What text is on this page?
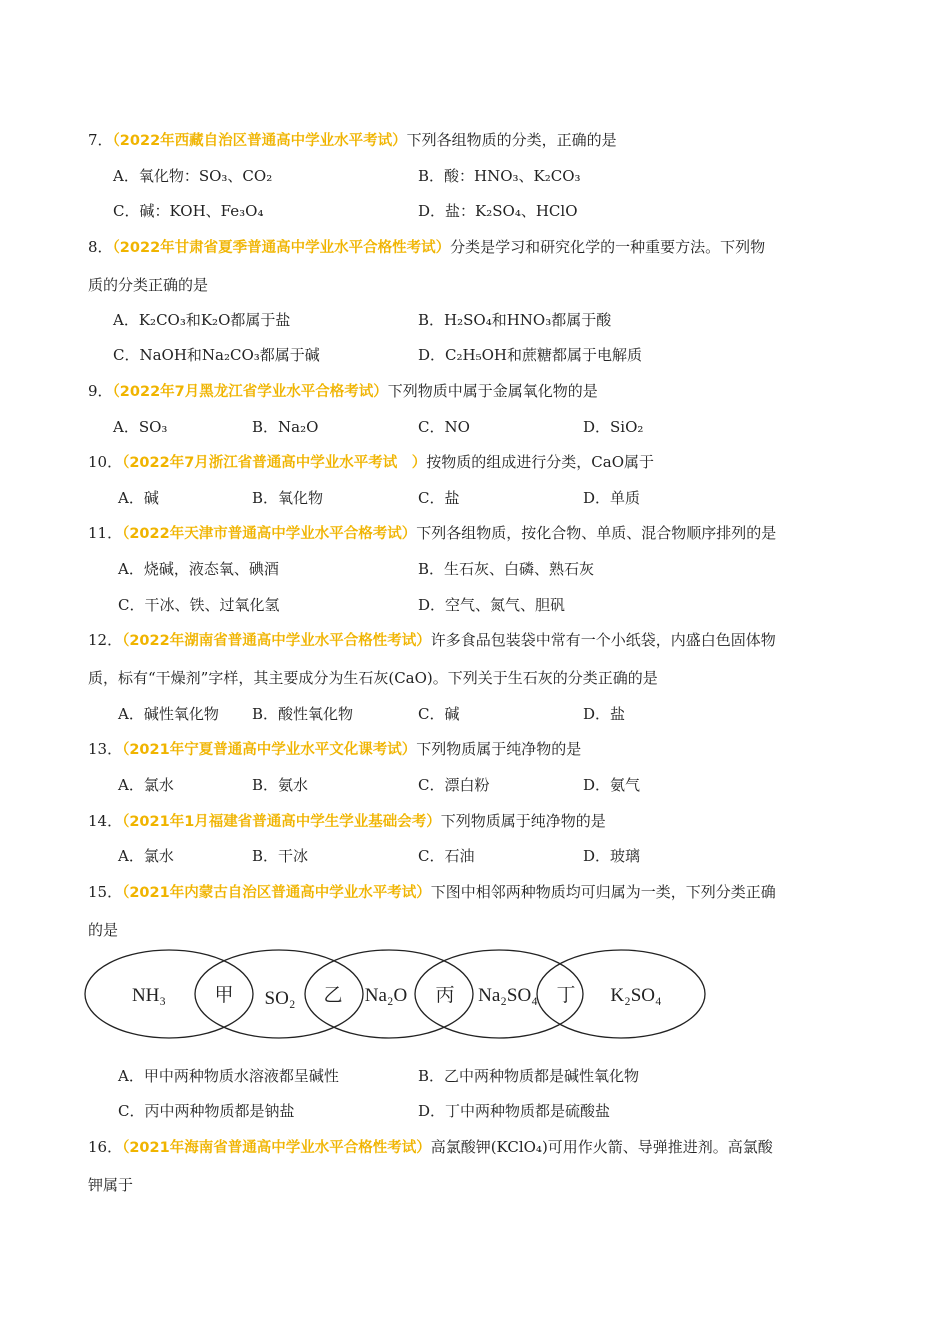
7．（2022年西藏自治区普通高中学业水平考试）下列各组物质的分类，正确的是
A．氧化物：SO₃、CO₂	B．酸：HNO₃、K₂CO₃
C．碱：KOH、Fe₃O₄	D．盐：K₂SO₄、HClO
8．（2022年甘肃省夏季普通高中学业水平合格性考试）分类是学习和研究化学的一种重要方法。下列物
质的分类正确的是
A．K₂CO₃和K₂O都属于盐	B．H₂SO₄和HNO₃都属于酸
C．NaOH和Na₂CO₃都属于碱	D．C₂H₅OH和蔗糖都属于电解质
9．（2022年7月黑龙江省学业水平合格考试）下列物质中属于金属氧化物的是
A．SO₃	B．Na₂O	C．NO	D．SiO₂
10．（2022年7月浙江省普通高中学业水平考试　）按物质的组成进行分类，CaO属于
A．碱	B．氧化物	C．盐	D．单质
11．（2022年天津市普通高中学业水平合格考试）下列各组物质，按化合物、单质、混合物顺序排列的是
A．烧碱，液态氧、碘酒	B．生石灰、白磷、熟石灰
C．干冰、铁、过氧化氢	D．空气、氮气、胆矾
12．（2022年湖南省普通高中学业水平合格性考试）许多食品包装袋中常有一个小纸袋，内盛白色固体物
质，标有“干燥剂”字样，其主要成分为生石灰(CaO)。下列关于生石灰的分类正确的是
A．碱性氧化物 B．酸性氧化物	C．碱	D．盐
13．（2021年宁夏普通高中学业水平文化课考试）下列物质属于纯净物的是
A．氯水	B．氨水	C．漂白粉	D．氨气
14．（2021年1月福建省普通高中学生学业基础会考）下列物质属于纯净物的是
A．氯水	B．干冰	C．石油	D．玻璃
15．（2021年内蒙古自治区普通高中学业水平考试）下图中相邻两种物质均可归属为一类，下列分类正确
的是
NH₃	SO₂	Na₂O	Na₂SO₄	K₂SO₄
甲	乙	丙	丁
A．甲中两种物质水溶液都呈碱性	B．乙中两种物质都是碱性氧化物
C．丙中两种物质都是钠盐	D．丁中两种物质都是硫酸盐
16．（2021年海南省普通高中学业水平合格性考试）高氯酸钾(KClO₄)可用作火箭、导弹推进剂。高氯酸
钾属于
